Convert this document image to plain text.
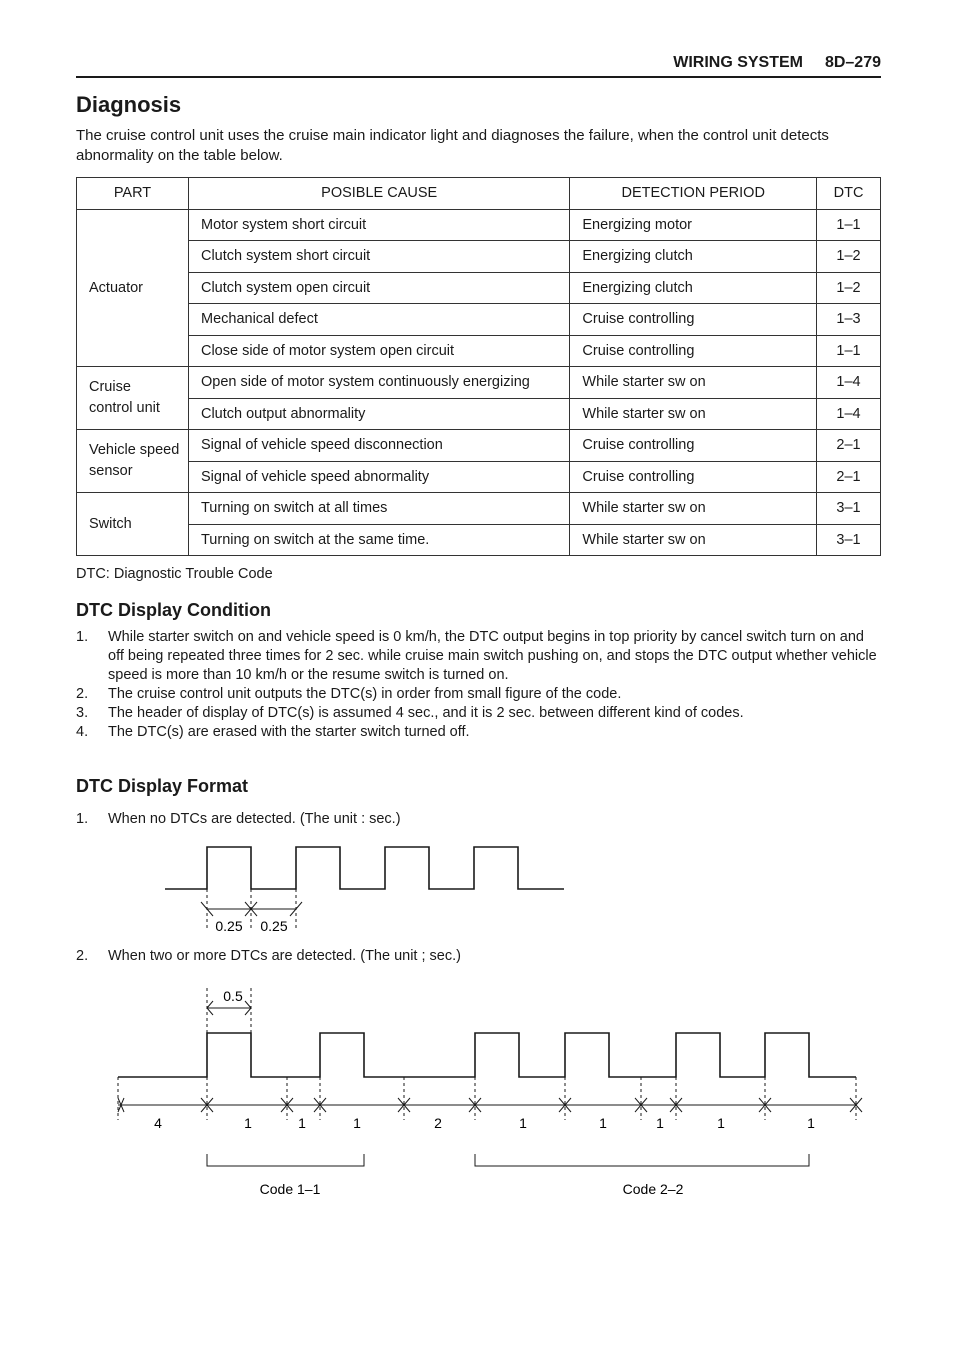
WIRING SYSTEM 8D–279
Diagnosis

The cruise control unit uses the cruise main indicator light and diagnoses the failure, when the control unit detects abnormality on the table below.

PART	POSIBLE CAUSE	DETECTION PERIOD	DTC
Actuator	Motor system short circuit	Energizing motor	1–1
	Clutch system short circuit	Energizing clutch	1–2
	Clutch system open circuit	Energizing clutch	1–2
	Mechanical defect	Cruise controlling	1–3
	Close side of motor system open circuit	Cruise controlling	1–1
Cruise control unit	Open side of motor system continuously energizing	While starter sw on	1–4
	Clutch output abnormality	While starter sw on	1–4
Vehicle speed sensor	Signal of vehicle speed disconnection	Cruise controlling	2–1
	Signal of vehicle speed abnormality	Cruise controlling	2–1
Switch	Turning on switch at all times	While starter sw on	3–1
	Turning on switch at the same time.	While starter sw on	3–1

DTC: Diagnostic Trouble Code

DTC Display Condition
1. While starter switch on and vehicle speed is 0 km/h, the DTC output begins in top priority by cancel switch turn on and off being repeated three times for 2 sec. while cruise main switch pushing on, and stops the DTC output whether vehicle speed is more than 10 km/h or the resume switch is turned on.
2. The cruise control unit outputs the DTC(s) in order from small figure of the code.
3. The header of display of DTC(s) is assumed 4 sec., and it is 2 sec. between different kind of codes.
4. The DTC(s) are erased with the starter switch turned off.
DTC Display Format

1. When no DTCs are detected. (The unit : sec.)

0.25 0.25

2. When two or more DTCs are detected. (The unit ; sec.)

0.5
4	1	1	1	2	1	1	1	1	1
Code 1–1	Code 2–2
